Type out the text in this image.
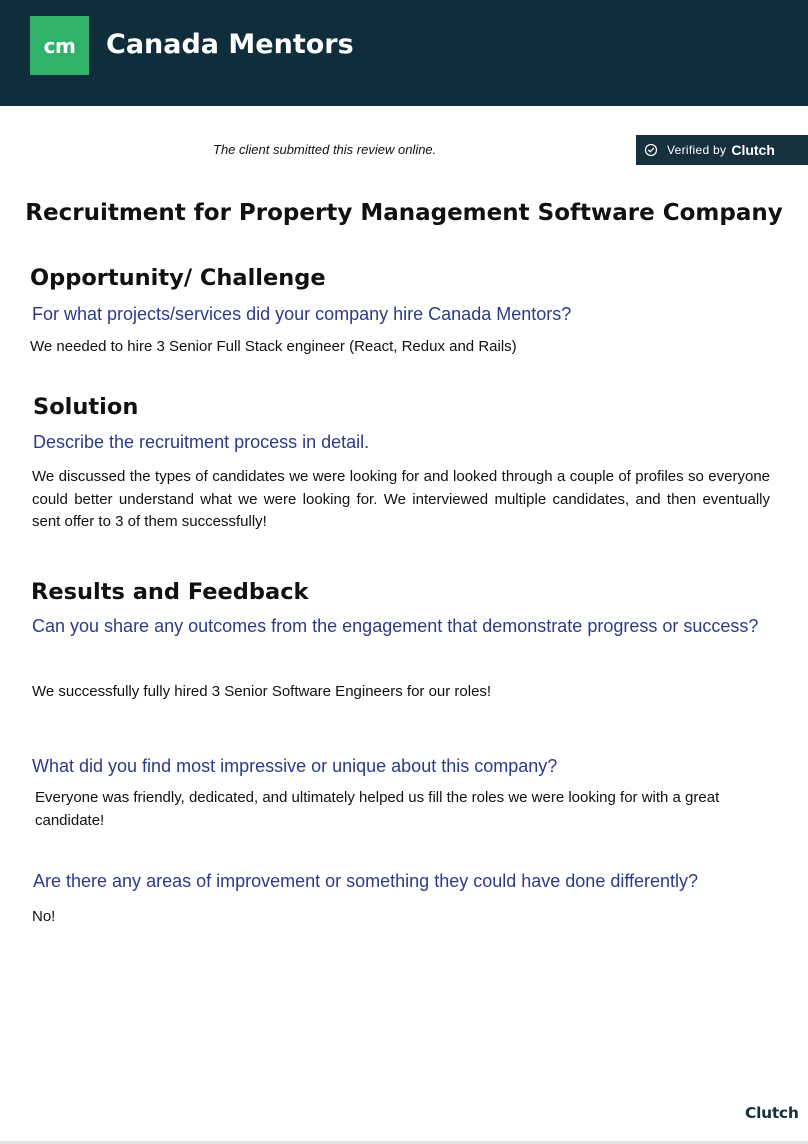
cm Canada Mentors
The client submitted this review online.	Verified by Clutch
Recruitment for Property Management Software Company
Opportunity/ Challenge
For what projects/services did your company hire Canada Mentors?
We needed to hire 3 Senior Full Stack engineer (React, Redux and Rails)
Solution
Describe the recruitment process in detail.
We discussed the types of candidates we were looking for and looked through a couple of profiles so everyone could better understand what we were looking for. We interviewed multiple candidates, and then eventually sent offer to 3 of them successfully!
Results and Feedback
Can you share any outcomes from the engagement that demonstrate progress or success?
We successfully fully hired 3 Senior Software Engineers for our roles!
What did you find most impressive or unique about this company?
Everyone was friendly, dedicated, and ultimately helped us fill the roles we were looking for with a great candidate!
Are there any areas of improvement or something they could have done differently?
No!
Clutch
